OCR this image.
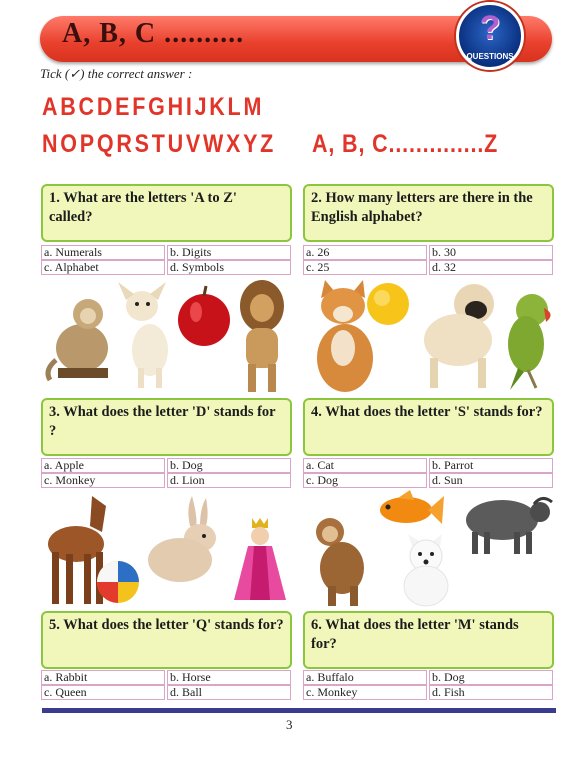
A, B, C ..........	?
QUESTIONS
Tick (✓) the correct answer :
ABCDEFGHIJKLM
NOPQRSTUVWXYZ A, B, C..............Z
1. What are the letters 'A to Z' called?
a. Numerals	b. Digits
c. Alphabet	d. Symbols
2. How many letters are there in the English alphabet?
a. 26	b. 30
c. 25	d. 32
3. What does the letter 'D' stands for ?
a. Apple	b. Dog
c. Monkey	d. Lion
4. What does the letter 'S' stands for?
a. Cat	b. Parrot
c. Dog	d. Sun
5. What does the letter 'Q' stands for?
a. Rabbit	b. Horse
c. Queen	d. Ball
6. What does the letter 'M' stands for?
a. Buffalo	b. Dog
c. Monkey	d. Fish
3
